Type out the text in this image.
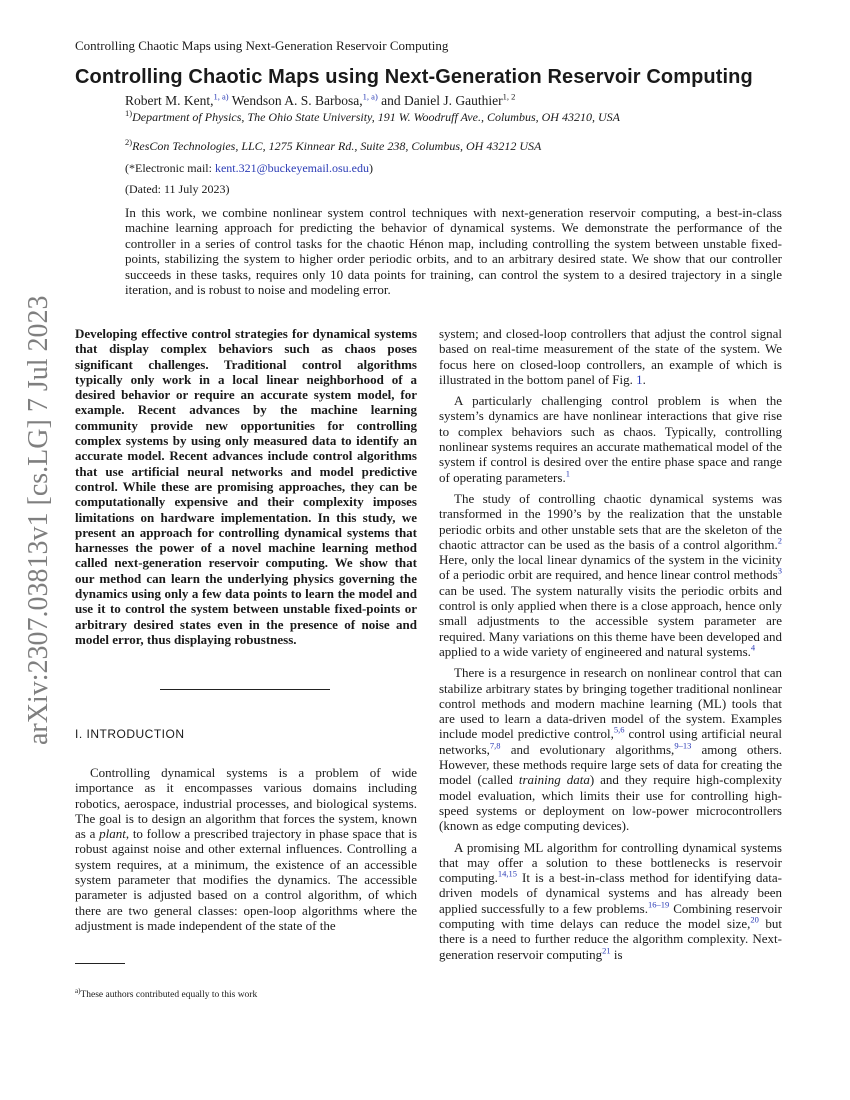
Controlling Chaotic Maps using Next-Generation Reservoir Computing
Controlling Chaotic Maps using Next-Generation Reservoir Computing
Robert M. Kent,$^{1, a)}$ Wendson A. S. Barbosa,$^{1, a)}$ and Daniel J. Gauthier$^{1, 2}$
$^{1)}$Department of Physics, The Ohio State University, 191 W. Woodruff Ave., Columbus, OH 43210, USA
$^{2)}$ResCon Technologies, LLC, 1275 Kinnear Rd., Suite 238, Columbus, OH 43212 USA
(*Electronic mail: kent.321@buckeyemail.osu.edu)
(Dated: 11 July 2023)
In this work, we combine nonlinear system control techniques with next-generation reservoir computing, a best-in-class machine learning approach for predicting the behavior of dynamical systems. We demonstrate the performance of the controller in a series of control tasks for the chaotic Hénon map, including controlling the system between unstable fixed-points, stabilizing the system to higher order periodic orbits, and to an arbitrary desired state. We show that our controller succeeds in these tasks, requires only 10 data points for training, can control the system to a desired trajectory in a single iteration, and is robust to noise and modeling error.
arXiv:2307.03813v1 [cs.LG] 7 Jul 2023 Developing effective control strategies for dynamical systems that display complex behaviors such as chaos poses significant challenges. Traditional control algorithms typically only work in a local linear neighborhood of a desired behavior or require an accurate system model, for example. Recent advances by the machine learning community provide new opportunities for controlling complex systems by using only measured data to identify an accurate model. Recent advances include control algorithms that use artificial neural networks and model predictive control. While these are promising approaches, they can be computationally expensive and their complexity imposes limitations on hardware implementation. In this study, we present an approach for controlling dynamical systems that harnesses the power of a novel machine learning method called next-generation reservoir computing. We show that our method can learn the underlying physics governing the dynamics using only a few data points to learn the model and use it to control the system between unstable fixed-points or arbitrary desired states even in the presence of noise and model error, thus displaying robustness.

I. INTRODUCTION

Controlling dynamical systems is a problem of wide importance as it encompasses various domains including robotics, aerospace, industrial processes, and biological systems. The goal is to design an algorithm that forces the system, known as a plant, to follow a prescribed trajectory in phase space that is robust against noise and other external influences. Controlling a system requires, at a minimum, the existence of an accessible system parameter that modifies the dynamics. The accessible parameter is adjusted based on a control algorithm, of which there are two general classes: open-loop algorithms where the adjustment is made independent of the state of the

$^{a)}$These authors contributed equally to this work

system; and closed-loop controllers that adjust the control signal based on real-time measurement of the state of the system. We focus here on closed-loop controllers, an example of which is illustrated in the bottom panel of Fig. 1.

A particularly challenging control problem is when the system’s dynamics are have nonlinear interactions that give rise to complex behaviors such as chaos. Typically, controlling nonlinear systems requires an accurate mathematical model of the system if control is desired over the entire phase space and range of operating parameters.$^1$

The study of controlling chaotic dynamical systems was transformed in the 1990’s by the realization that the unstable periodic orbits and other unstable sets that are the skeleton of the chaotic attractor can be used as the basis of a control algorithm.$^2$ Here, only the local linear dynamics of the system in the vicinity of a periodic orbit are required, and hence linear control methods$^3$ can be used. The system naturally visits the periodic orbits and control is only applied when there is a close approach, hence only small adjustments to the accessible system parameter are required. Many variations on this theme have been developed and applied to a wide variety of engineered and natural systems.$^4$

There is a resurgence in research on nonlinear control that can stabilize arbitrary states by bringing together traditional nonlinear control methods and modern machine learning (ML) tools that are used to learn a data-driven model of the system. Examples include model predictive control,$^{5,6}$ control using artificial neural networks,$^{7,8}$ and evolutionary algorithms,$^{9-13}$ among others. However, these methods require large sets of data for creating the model (called training data) and they require high-complexity model evaluation, which limits their use for controlling high-speed systems or deployment on low-power microcontrollers (known as edge computing devices).

A promising ML algorithm for controlling dynamical systems that may offer a solution to these bottlenecks is reservoir computing.$^{14,15}$ It is a best-in-class method for identifying data-driven models of dynamical systems and has already been applied successfully to a few problems.$^{16-19}$ Combining reservoir computing with time delays can reduce the model size,$^{20}$ but there is a need to further reduce the algorithm complexity. Next-generation reservoir computing$^{21}$ is
